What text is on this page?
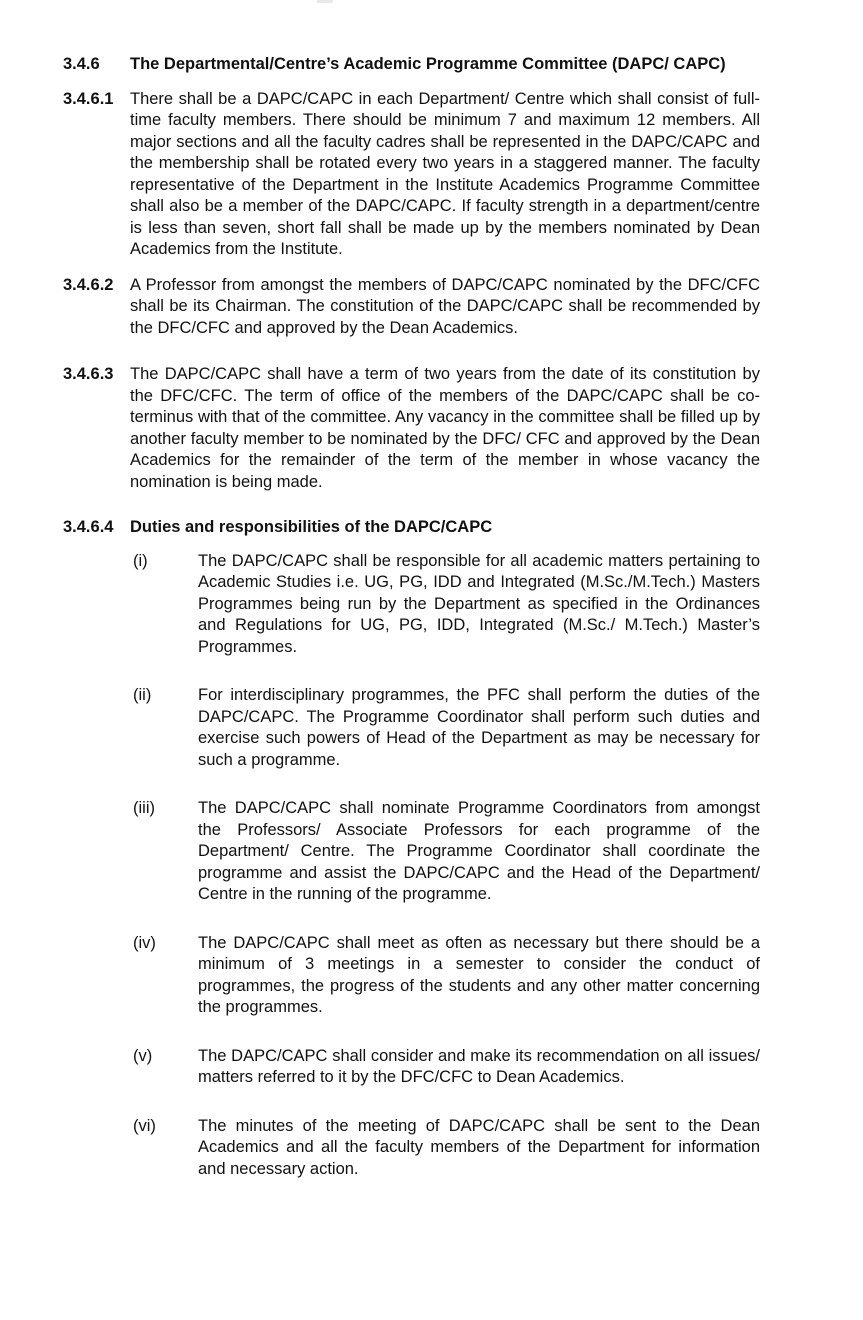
3.4.6	The Departmental/Centre’s Academic Programme Committee (DAPC/ CAPC)
3.4.6.1	There shall be a DAPC/CAPC in each Department/ Centre which shall consist of full-time faculty members. There should be minimum 7 and maximum 12 members. All major sections and all the faculty cadres shall be represented in the DAPC/CAPC and the membership shall be rotated every two years in a staggered manner. The faculty representative of the Department in the Institute Academics Programme Committee shall also be a member of the DAPC/CAPC. If faculty strength in a department/centre is less than seven, short fall shall be made up by the members nominated by Dean Academics from the Institute.
3.4.6.2	A Professor from amongst the members of DAPC/CAPC nominated by the DFC/CFC shall be its Chairman. The constitution of the DAPC/CAPC shall be recommended by the DFC/CFC and approved by the Dean Academics.
3.4.6.3	The DAPC/CAPC shall have a term of two years from the date of its constitution by the DFC/CFC. The term of office of the members of the DAPC/CAPC shall be co-terminus with that of the committee. Any vacancy in the committee shall be filled up by another faculty member to be nominated by the DFC/ CFC and approved by the Dean Academics for the remainder of the term of the member in whose vacancy the nomination is being made.
3.4.6.4	Duties and responsibilities of the DAPC/CAPC
(i)	The DAPC/CAPC shall be responsible for all academic matters pertaining to Academic Studies i.e. UG, PG, IDD and Integrated (M.Sc./M.Tech.) Masters Programmes being run by the Department as specified in the Ordinances and Regulations for UG, PG, IDD, Integrated (M.Sc./ M.Tech.) Master’s Programmes.
(ii)	For interdisciplinary programmes, the PFC shall perform the duties of the DAPC/CAPC. The Programme Coordinator shall perform such duties and exercise such powers of Head of the Department as may be necessary for such a programme.
(iii)	The DAPC/CAPC shall nominate Programme Coordinators from amongst the Professors/ Associate Professors for each programme of the Department/ Centre. The Programme Coordinator shall coordinate the programme and assist the DAPC/CAPC and the Head of the Department/ Centre in the running of the programme.
(iv)	The DAPC/CAPC shall meet as often as necessary but there should be a minimum of 3 meetings in a semester to consider the conduct of programmes, the progress of the students and any other matter concerning the programmes.
(v)	The DAPC/CAPC shall consider and make its recommendation on all issues/ matters referred to it by the DFC/CFC to Dean Academics.
(vi)	The minutes of the meeting of DAPC/CAPC shall be sent to the Dean Academics and all the faculty members of the Department for information and necessary action.
